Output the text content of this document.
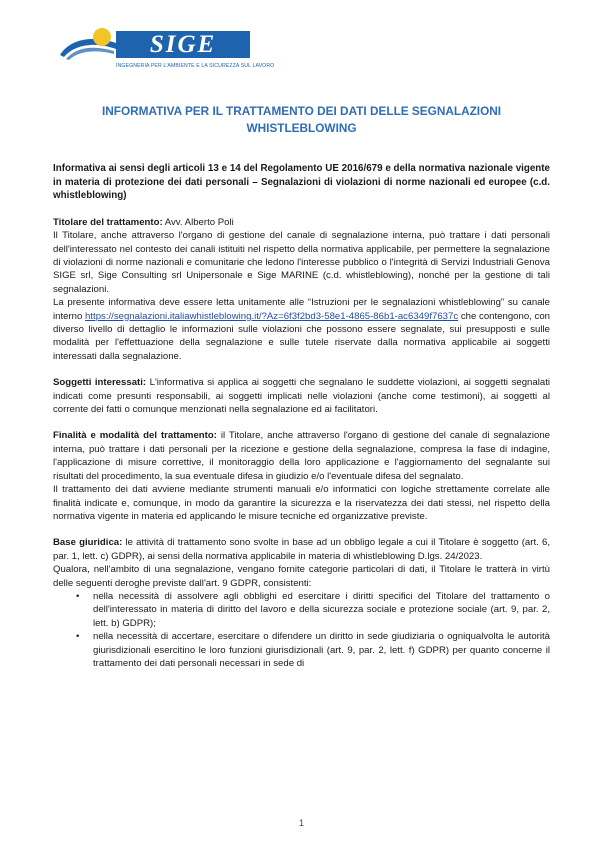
SIGE
INGEGNERIA PER L'AMBIENTE E LA SICUREZZA SUL LAVORO
INFORMATIVA PER IL TRATTAMENTO DEI DATI DELLE SEGNALAZIONI
WHISTLEBLOWING

Informativa ai sensi degli articoli 13 e 14 del Regolamento UE 2016/679 e della normativa nazionale vigente in materia di protezione dei dati personali – Segnalazioni di violazioni di norme nazionali ed europee (c.d. whistleblowing)

Titolare del trattamento: Avv. Alberto Poli

Il Titolare, anche attraverso l'organo di gestione del canale di segnalazione interna, può trattare i dati personali dell'interessato nel contesto dei canali istituiti nel rispetto della normativa applicabile, per permettere la segnalazione di violazioni di norme nazionali e comunitarie che ledono l'interesse pubblico o l'integrità di Servizi Industriali Genova SIGE srl, Sige Consulting srl Unipersonale e Sige MARINE (c.d. whistleblowing), nonché per la gestione di tali segnalazioni.

La presente informativa deve essere letta unitamente alle “Istruzioni per le segnalazioni whistleblowing” su canale interno https://segnalazioni.italiawhistleblowing.it/?Az=6f3f2bd3-58e1-4865-86b1-ac6349f7637c che contengono, con diverso livello di dettaglio le informazioni sulle violazioni che possono essere segnalate, sui presupposti e sulle modalità per l'effettuazione della segnalazione e sulle tutele riservate dalla normativa applicabile ai soggetti interessati dalla segnalazione.

Soggetti interessati: L'informativa si applica ai soggetti che segnalano le suddette violazioni, ai soggetti segnalati indicati come presunti responsabili, ai soggetti implicati nelle violazioni (anche come testimoni), ai soggetti al corrente dei fatti o comunque menzionati nella segnalazione ed ai facilitatori.

Finalità e modalità del trattamento: il Titolare, anche attraverso l'organo di gestione del canale di segnalazione interna, può trattare i dati personali per la ricezione e gestione della segnalazione, compresa la fase di indagine, l'applicazione di misure correttive, il monitoraggio della loro applicazione e l'aggiornamento del segnalante sui risultati del procedimento, la sua eventuale difesa in giudizio e/o l'eventuale difesa del segnalato.

Il trattamento dei dati avviene mediante strumenti manuali e/o informatici con logiche strettamente correlate alle finalità indicate e, comunque, in modo da garantire la sicurezza e la riservatezza dei dati stessi, nel rispetto della normativa vigente in materia ed applicando le misure tecniche ed organizzative previste.

Base giuridica: le attività di trattamento sono svolte in base ad un obbligo legale a cui il Titolare è soggetto (art. 6, par. 1, lett. c) GDPR), ai sensi della normativa applicabile in materia di whistleblowing D.lgs. 24/2023.

Qualora, nell'ambito di una segnalazione, vengano fornite categorie particolari di dati, il Titolare le tratterà in virtù delle seguenti deroghe previste dall'art. 9 GDPR, consistenti:

• nella necessità di assolvere agli obblighi ed esercitare i diritti specifici del Titolare del trattamento o dell'interessato in materia di diritto del lavoro e della sicurezza sociale e protezione sociale (art. 9, par. 2, lett. b) GDPR);
• nella necessità di accertare, esercitare o difendere un diritto in sede giudiziaria o ogniqualvolta le autorità giurisdizionali esercitino le loro funzioni giurisdizionali (art. 9, par. 2, lett. f) GDPR) per quanto concerne il trattamento dei dati personali necessari in sede di
1
